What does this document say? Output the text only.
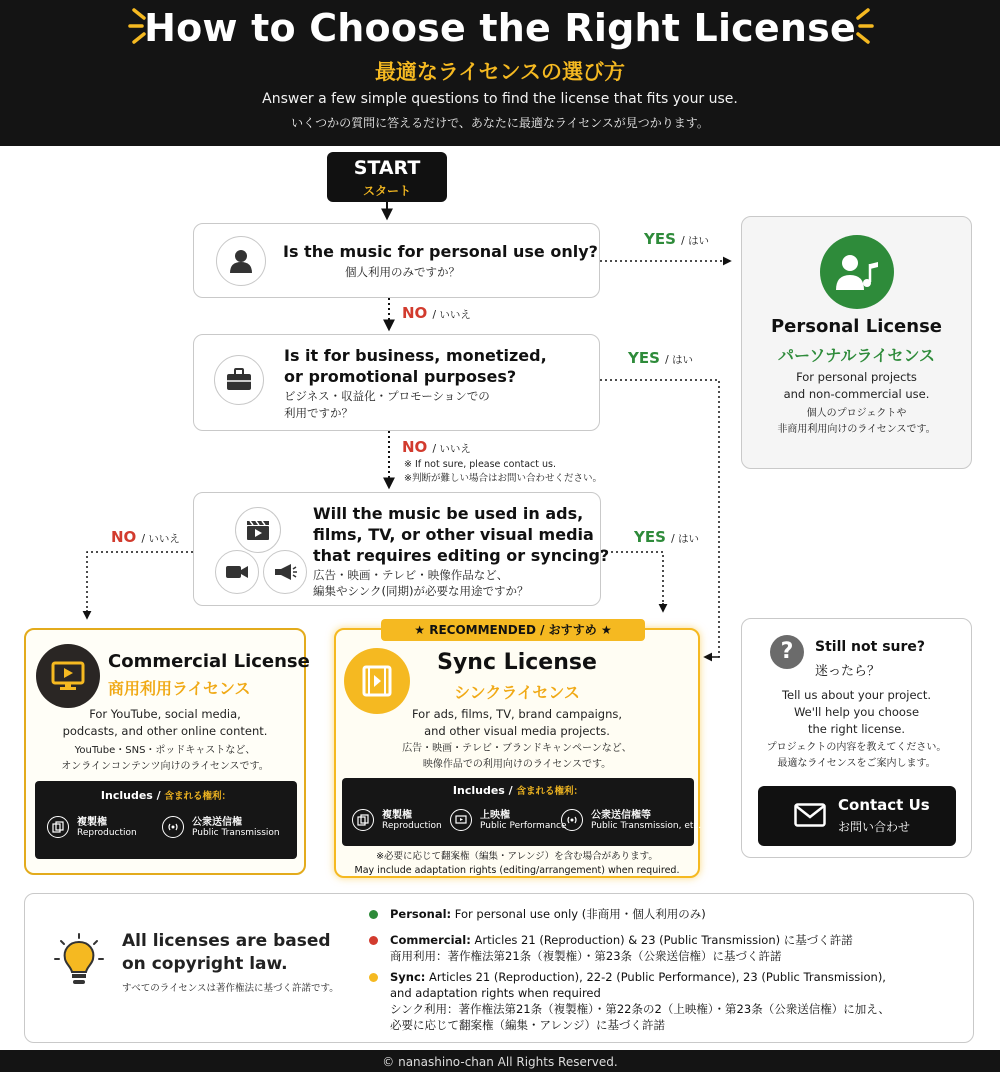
How to Choose the Right License
最適なライセンスの選び方
Answer a few simple questions to find the license that fits your use.
いくつかの質問に答えるだけで、あなたに最適なライセンスが見つかります。
START
スタート
Is the music for personal use only?
個人利用のみですか？
YES / はい
NO / いいえ
Is it for business, monetized,
or promotional purposes?
ビジネス・収益化・プロモーションでの
利用ですか？
YES / はい
NO / いいえ
※ If not sure, please contact us.
※判断が難しい場合はお問い合わせください。
Will the music be used in ads,
films, TV, or other visual media
that requires editing or syncing?
広告・映画・テレビ・映像作品など、
編集やシンク(同期)が必要な用途ですか？
NO / いいえ	YES / はい
Personal License
パーソナルライセンス
For personal projects
and non-commercial use.
個人のプロジェクトや
非商用利用向けのライセンスです。
Commercial License
商用利用ライセンス
For YouTube, social media,
podcasts, and other online content.
YouTube・SNS・ポッドキャストなど、
オンラインコンテンツ向けのライセンスです。
Includes / 含まれる権利：
複製権
Reproduction
公衆送信権
Public Transmission
Sync License
シンクライセンス
For ads, films, TV, brand campaigns,
and other visual media projects.
広告・映画・テレビ・ブランドキャンペーンなど、
映像作品での利用向けのライセンスです。
Includes / 含まれる権利：
複製権
Reproduction
上映権
Public Performance
公衆送信権等
Public Transmission, etc.
※必要に応じて翻案権（編集・アレンジ）を含む場合があります。
May include adaptation rights (editing/arrangement) when required.
★ RECOMMENDED / おすすめ ★
?	Still not sure?
迷ったら？
Tell us about your project.
We'll help you choose
the right license.
プロジェクトの内容を教えてください。
最適なライセンスをご案内します。
Contact Us
お問い合わせ
All licenses are based
on copyright law.
すべてのライセンスは著作権法に基づく許諾です。
Personal: For personal use only (非商用・個人利用のみ)
Commercial: Articles 21 (Reproduction) & 23 (Public Transmission) に基づく許諾
商用利用：著作権法第21条（複製権）・第23条（公衆送信権）に基づく許諾
Sync: Articles 21 (Reproduction), 22-2 (Public Performance), 23 (Public Transmission),
and adaptation rights when required
シンク利用：著作権法第21条（複製権）・第22条の2（上映権）・第23条（公衆送信権）に加え、
必要に応じて翻案権（編集・アレンジ）に基づく許諾
© nanashino-chan All Rights Reserved.
